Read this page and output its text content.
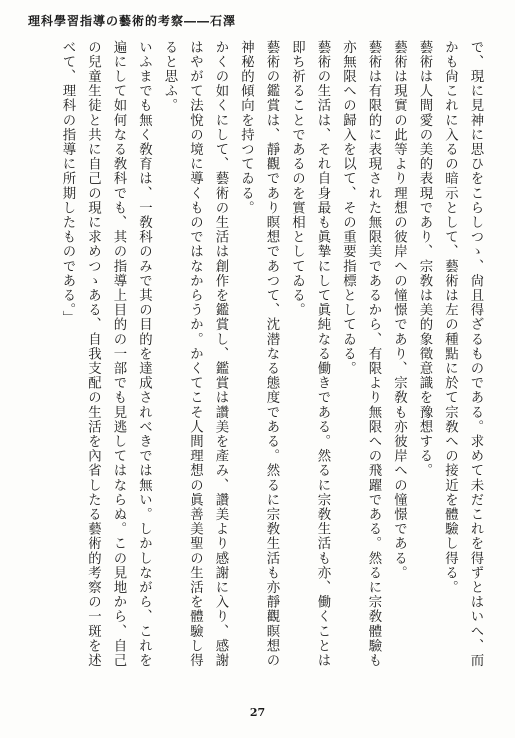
理科學習指導の藝術的考察――石澤

で、現に見神に思ひをこらしつゝ、尙且得ざるものである。求めて未だこれを得ずとはいへ、而かも尙これに入るの暗示として、藝術は左の種點に於て宗敎への接近を體驗し得る。

藝術は人間愛の美的表現であり、宗敎は美的象徵意識を豫想する。

藝術は現實の此等より理想の彼岸への憧憬であり、宗敎も亦彼岸への憧憬である。

藝術は有限的に表現された無限美であるから、有限より無限への飛躍である。然るに宗敎體驗も亦無限への歸入を以て、その重要指標としてゐる。

藝術の生活は、それ自身最も眞摯にして眞純なる働きである。然るに宗敎生活も亦、働くことは即ち祈ることであるのを實相としてゐる。

藝術の鑑賞は、靜觀であり瞑想であつて、沈潜なる態度である。然るに宗敎生活も亦靜觀瞑想の神秘的傾向を持つてゐる。

かくの如くにして、藝術の生活は創作を鑑賞し、鑑賞は讚美を產み、讚美より感謝に入り、感謝はやがて法悅の境に導くものではなからうか。かくてこそ人間理想の眞善美聖の生活を體驗し得ると思ふ。

いふまでも無く敎育は、一敎科のみで其の目的を達成されべきでは無い。しかしながら、これを遍にして如何なる敎科でも、其の指導上目的の一部でも見逃してはならぬ。この見地から、自己の兒童生徒と共に自己の現に求めつゝある、自我支配の生活を內省したる藝術的考察の一斑を述べて、理科の指導に所期したものである。」

27
